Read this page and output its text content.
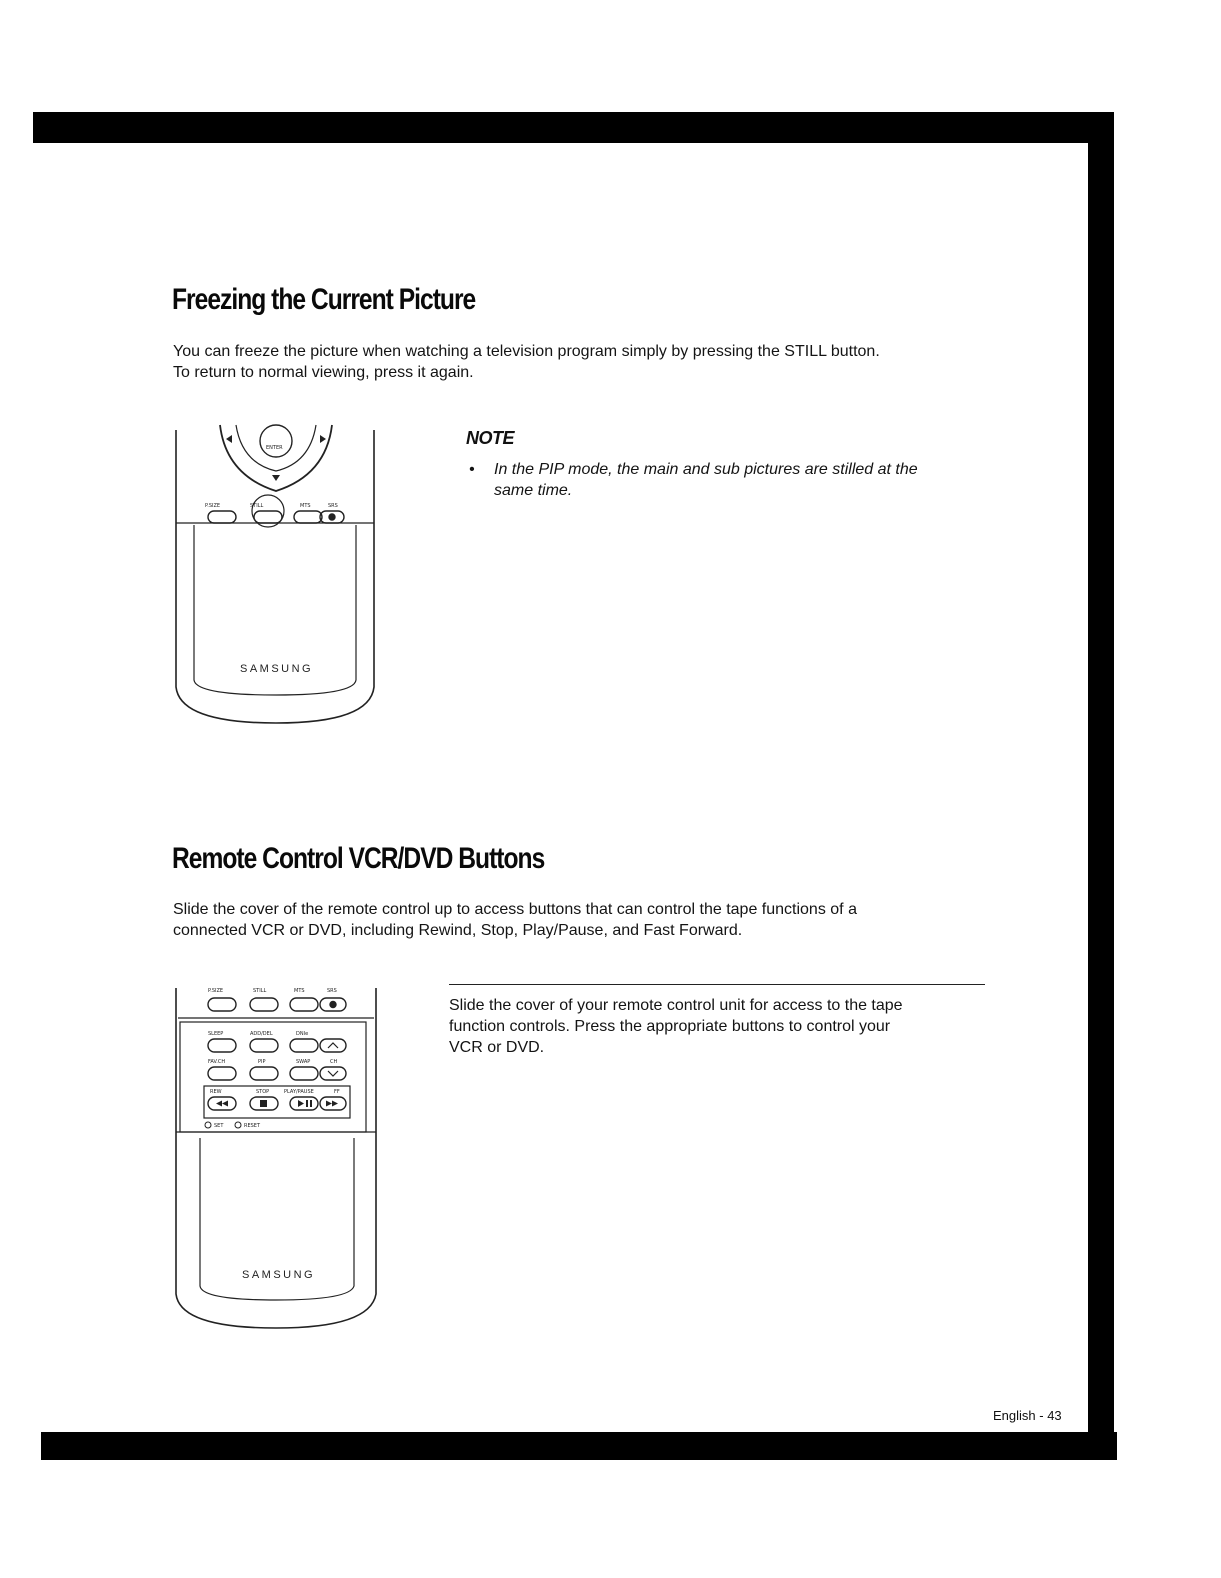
Freezing the Current Picture

You can freeze the picture when watching a television program simply by pressing the STILL button.
To return to normal viewing, press it again.

ENTER
P.SIZE	STILL	MTS	SRS
SAMSUNG

NOTE

• In the PIP mode, the main and sub pictures are stilled at the
same time.

Remote Control VCR/DVD Buttons

Slide the cover of the remote control up to access buttons that can control the tape functions of a
connected VCR or DVD, including Rewind, Stop, Play/Pause, and Fast Forward.

P.SIZE	STILL	MTS	SRS
SLEEP	ADD/DEL	DNIe
FAV.CH	PIP	SWAP	CH
REW	STOP	PLAY/PAUSE	FF
SET	RESET
SAMSUNG

Slide the cover of your remote control unit for access to the tape
function controls. Press the appropriate buttons to control your
VCR or DVD.

English - 43
